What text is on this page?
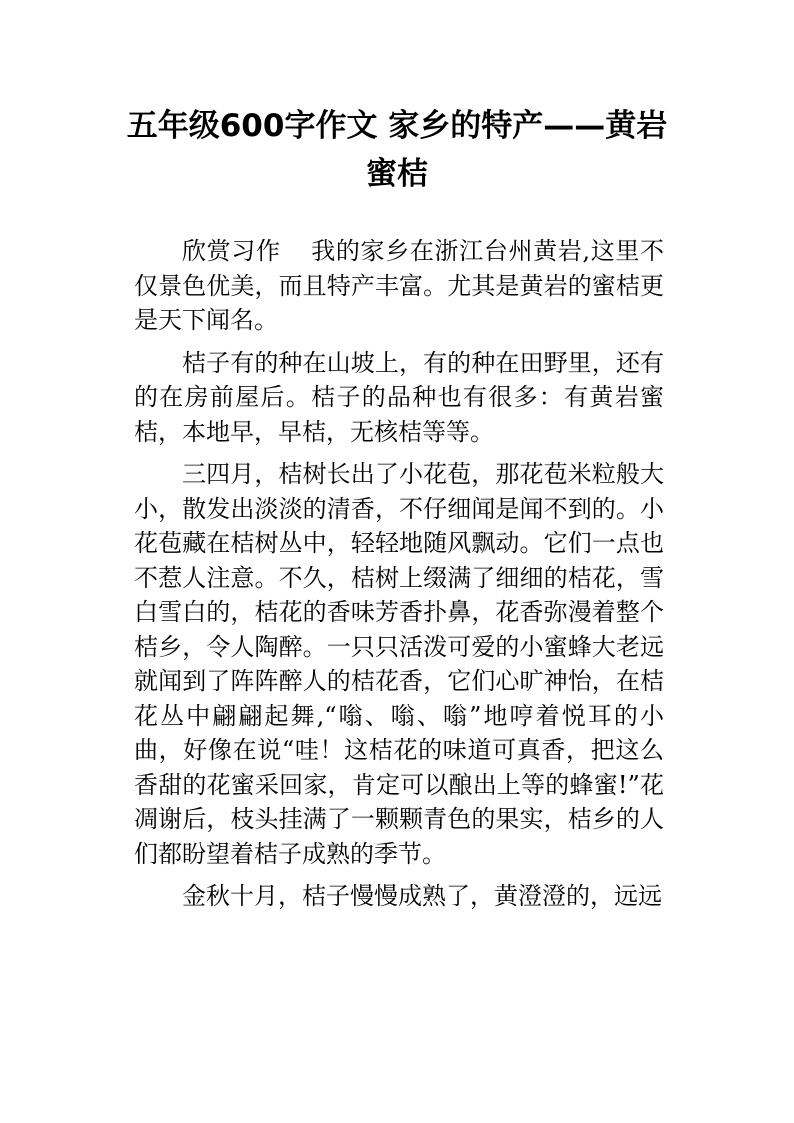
五年级600字作文 家乡的特产——黄岩蜜桔

欣赏习作 我的家乡在浙江台州黄岩,这里不仅景色优美，而且特产丰富。尤其是黄岩的蜜桔更是天下闻名。

桔子有的种在山坡上，有的种在田野里，还有的在房前屋后。桔子的品种也有很多：有黄岩蜜桔，本地早，早桔，无核桔等等。

三四月，桔树长出了小花苞，那花苞米粒般大小，散发出淡淡的清香，不仔细闻是闻不到的。小花苞藏在桔树丛中，轻轻地随风飘动。它们一点也不惹人注意。不久，桔树上缀满了细细的桔花，雪白雪白的，桔花的香味芳香扑鼻，花香弥漫着整个桔乡，令人陶醉。一只只活泼可爱的小蜜蜂大老远就闻到了阵阵醉人的桔花香，它们心旷神怡，在桔花丛中翩翩起舞,“嗡、嗡、嗡”地哼着悦耳的小曲，好像在说“哇！这桔花的味道可真香，把这么香甜的花蜜采回家，肯定可以酿出上等的蜂蜜!”花凋谢后，枝头挂满了一颗颗青色的果实，桔乡的人们都盼望着桔子成熟的季节。

金秋十月，桔子慢慢成熟了，黄澄澄的，远远
